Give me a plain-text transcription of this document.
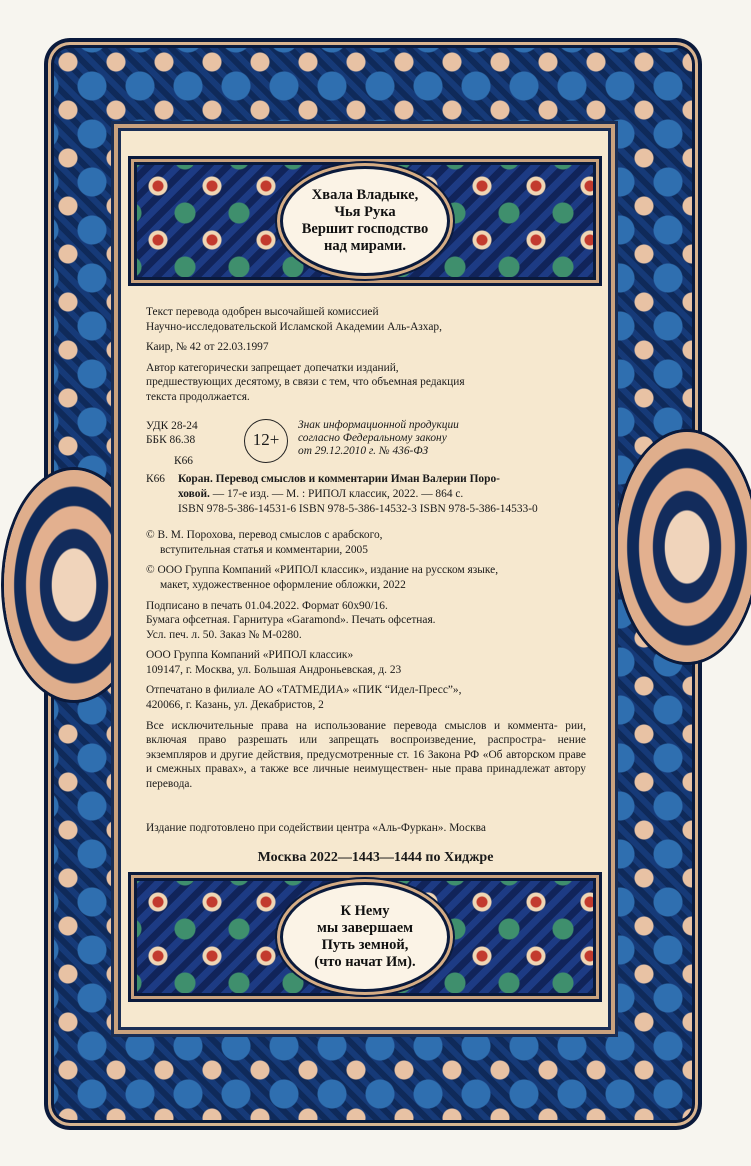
Хвала Владыке,
Чья Рука
Вершит господство
над мирами.

Текст перевода одобрен высочайшей комиссией

Научно-исследовательской Исламской Академии Аль-Азхар,

Каир, № 42 от 22.03.1997

Автор категорически запрещает допечатки изданий,

предшествующих десятому, в связи с тем, что объемная редакция

текста продолжается.

УДК 28-24
ББК 86.38
К66
12+
Знак информационной продукции
согласно Федеральному закону
от 29.12.2010 г. № 436-ФЗ
К66	Коран. Перевод смыслов и комментарии Иман Валерии Поро-
ховой. — 17-е изд. — М. : РИПОЛ классик, 2022. — 864 с.
ISBN 978-5-386-14531-6 ISBN 978-5-386-14532-3 ISBN 978-5-386-14533-0

© В. М. Порохова, перевод смыслов с арабского,

вступительная статья и комментарии, 2005

© ООО Группа Компаний «РИПОЛ классик», издание на русском языке,

макет, художественное оформление обложки, 2022

Подписано в печать 01.04.2022. Формат 60х90/16.

Бумага офсетная. Гарнитура «Garamond». Печать офсетная.

Усл. печ. л. 50. Заказ № М-0280.

ООО Группа Компаний «РИПОЛ классик»

109147, г. Москва, ул. Большая Андроньевская, д. 23

Отпечатано в филиале АО «ТАТМЕДИА» «ПИК “Идел-Пресс”»,

420066, г. Казань, ул. Декабристов, 2

Все исключительные права на использование перевода смыслов и коммента- рии, включая право разрешать или запрещать воспроизведение, распростра- нение экземпляров и другие действия, предусмотренные ст. 16 Закона РФ «Об авторском праве и смежных правах», а также все личные неимуществен- ные права принадлежат автору перевода.

Издание подготовлено при содействии центра «Аль-Фуркан». Москва
Москва 2022—1443—1444 по Хиджре
К Нему
мы завершаем
Путь земной,
(что начат Им).
